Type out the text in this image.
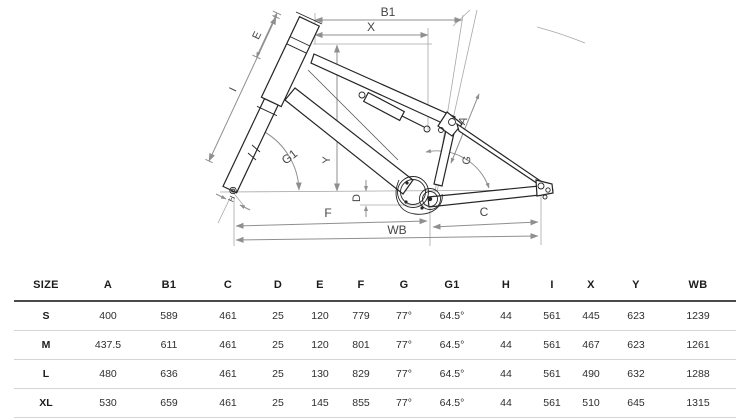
B1
X
Y
D
E
I
A
G
G1
H
F	C
WB
SIZE	A	B1	C	D	E	F	G	G1	H	I	X	Y	WB
S	400	589	461	25	120	779	77°	64.5°	44	561	445	623	1239
M	437.5	611	461	25	120	801	77°	64.5°	44	561	467	623	1261
L	480	636	461	25	130	829	77°	64.5°	44	561	490	632	1288
XL	530	659	461	25	145	855	77°	64.5°	44	561	510	645	1315
